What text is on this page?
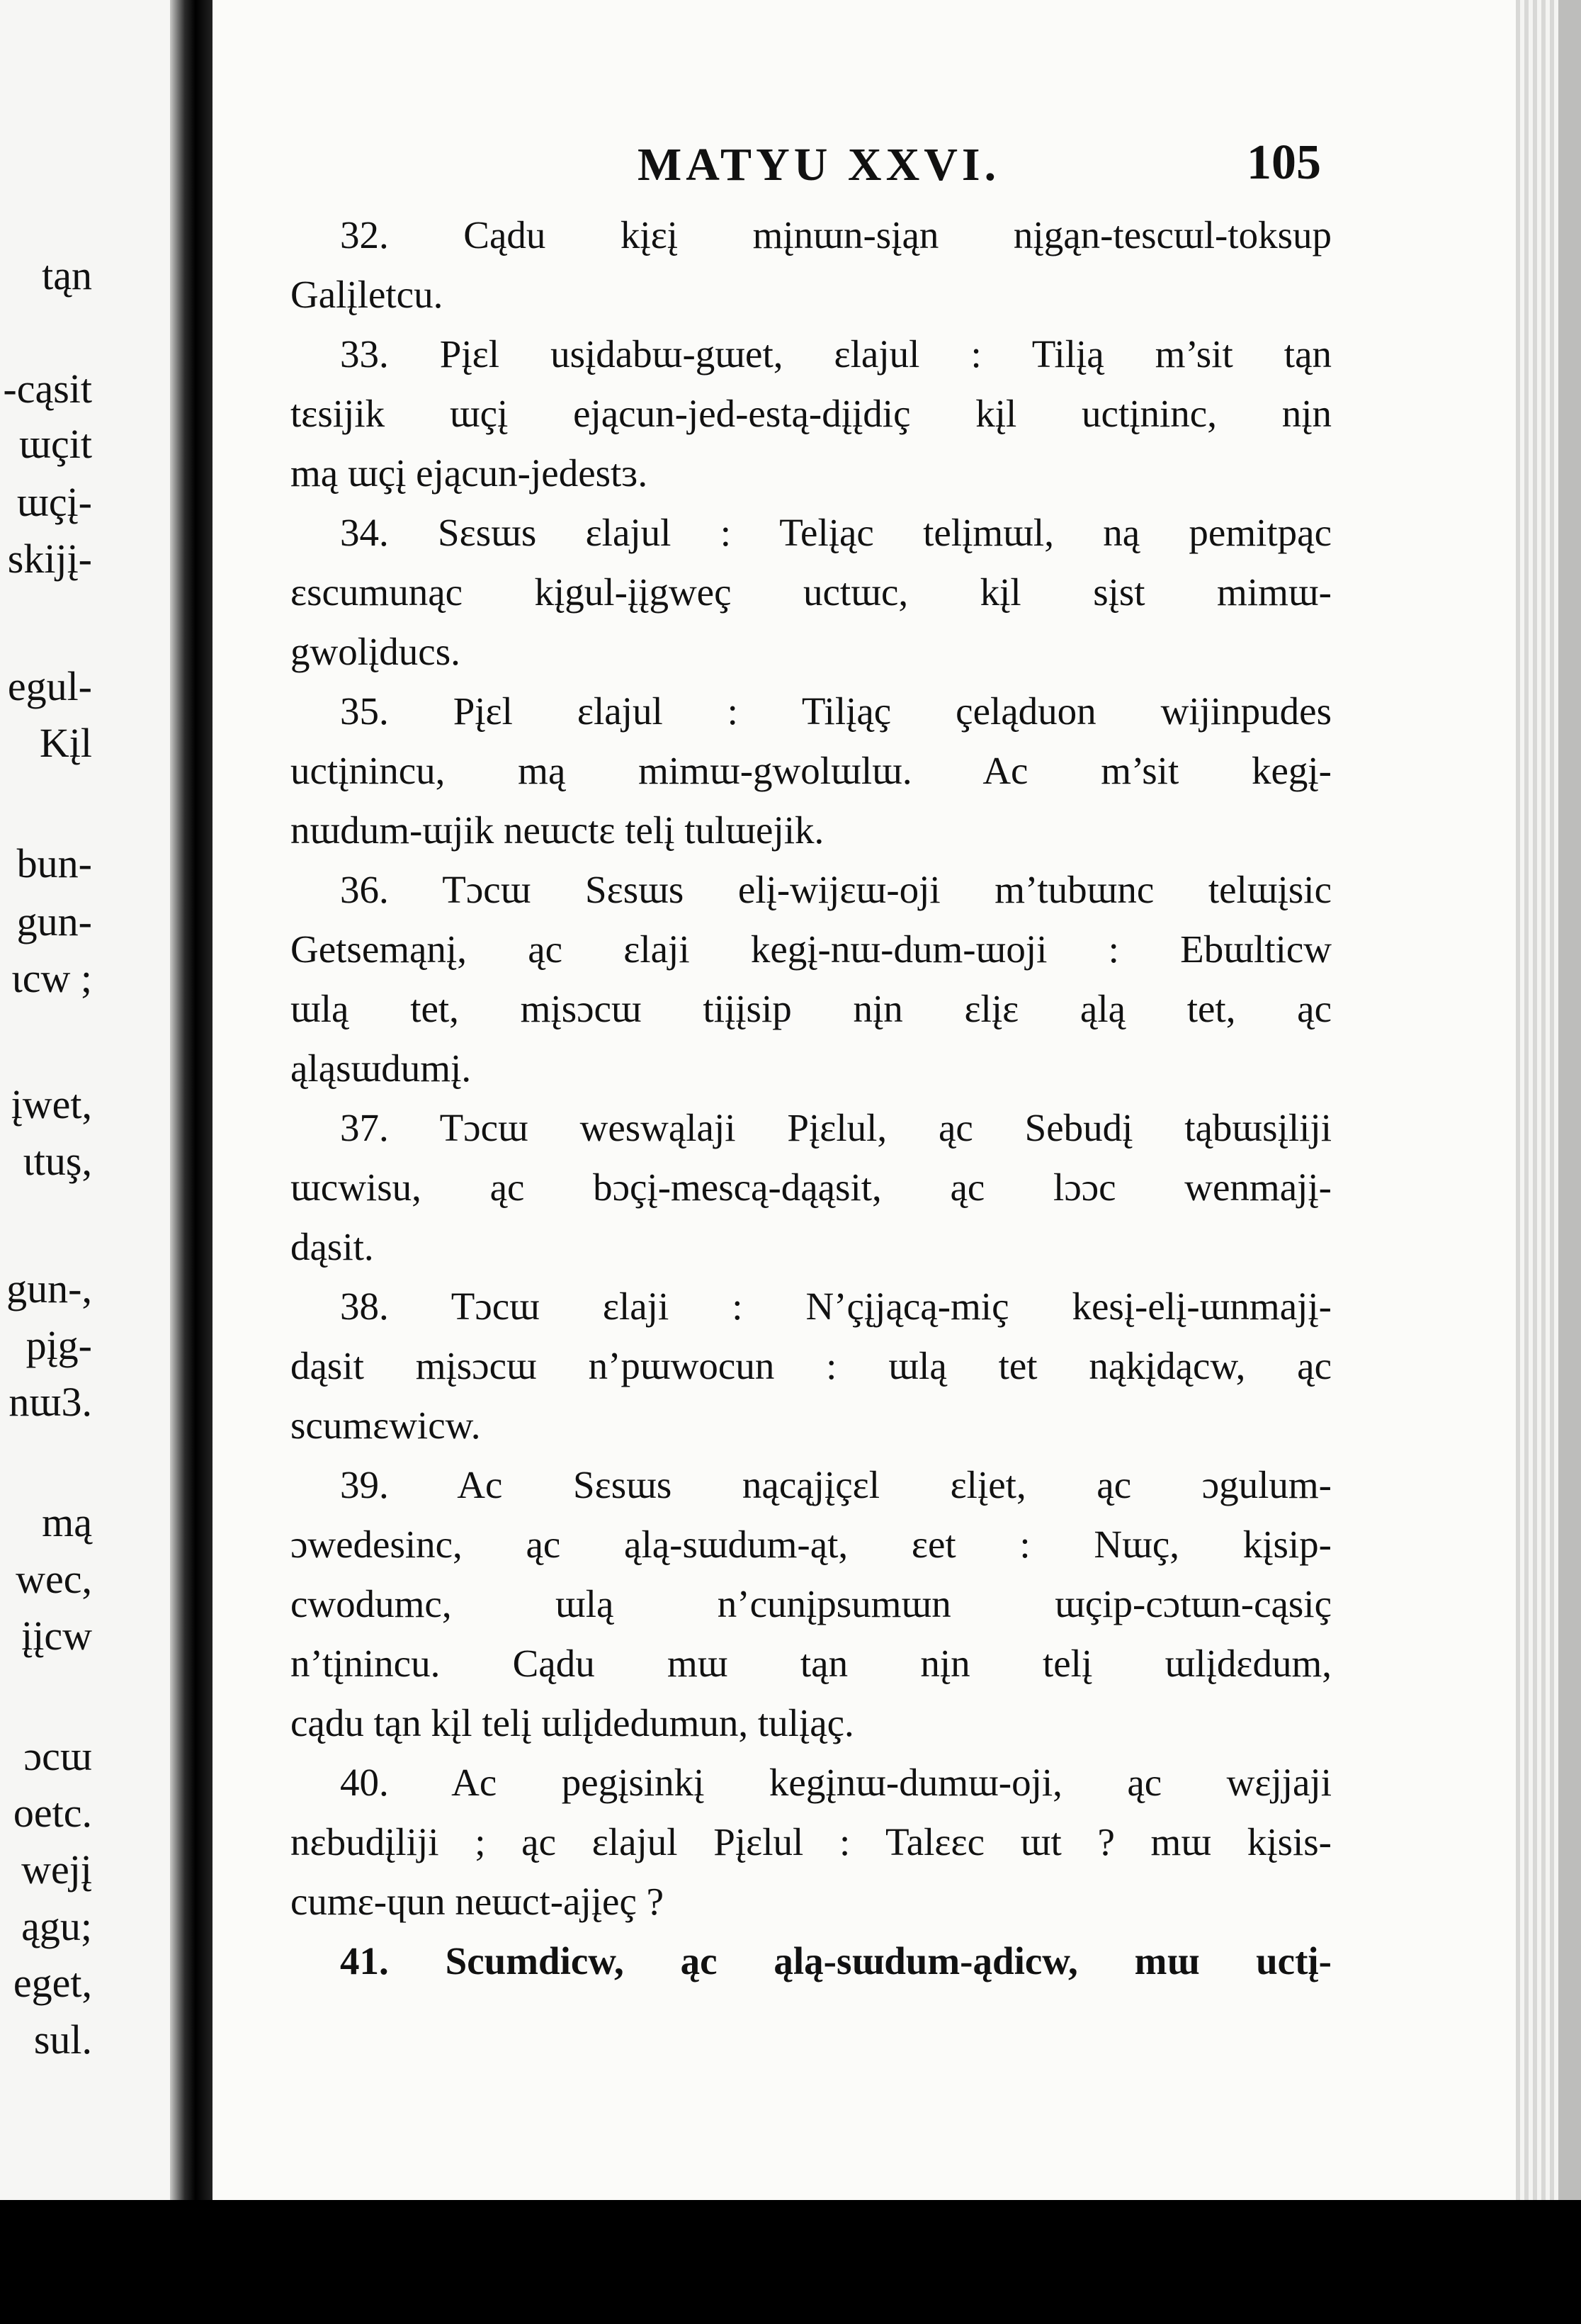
tąn
-cąsit
ɯçit
ɯçį-
skijį-
egul-
Kįl
bun-
gun-
ɩcw ;
įwet,
ɩtuş,
gun-,
pįg-
nɯ3.
mą
wec,
įįcw
ɔcɯ
oetc.
wejį
ągu;
eget,
sul.
MATYU XXVI.	105
32. Cądu kįɛį mįnɯn-sįąn nįgąn-tescɯl-toksup
Galįletcu.
33. Pįɛl usįdabɯ-gɯet, ɛlajul : Tilįą m’sit tąn
tɛsijik ɯçį ejącun-jed-estą-dįįdiç kįl uctįninc, nįn
mą ɯçį ejącun-jedestɜ.
34. Sɛsɯs ɛlajul : Telįąc telįmɯl, ną pemitpąc
ɛscumunąc kįgul-įįgweç uctɯc, kįl sįst mimɯ-
gwolįducs.
35. Pįɛl ɛlajul : Tilįąç çeląduon wijinpudes
uctįnincu, mą mimɯ-gwolɯlɯ. Ac m’sit kegį-
nɯdum-ɯjik neɯctɛ telį tulɯejik.
36. Tɔcɯ Sɛsɯs elį-wijɛɯ-oji m’tubɯnc telɯįsic
Getsemąnį, ąc ɛlaji kegį-nɯ-dum-ɯoji : Ebɯlticw
ɯlą tet, mįsɔcɯ tiįįsip nįn ɛlįɛ ąlą tet, ąc
ąląsɯdumį.
37. Tɔcɯ weswąlaji Pįɛlul, ąc Sebudį tąbɯsįliji
ɯcwisu, ąc bɔçį-mescą-dąąsit, ąc lɔɔc wenmajį-
dąsit.
38. Tɔcɯ ɛlaji : N’çįjącą-miç kesį-elį-ɯnmajį-
dąsit mįsɔcɯ n’pɯwocun : ɯlą tet nąkįdącw, ąc
scumɛwicw.
39. Ac Sɛsɯs nącąjįçɛl ɛlįet, ąc ɔgulum-
ɔwedesinc, ąc ąlą-sɯdum-ąt, ɛet : Nɯç, kįsip-
cwodumc, ɯlą n’cunįpsumɯn ɯçip-cɔtɯn-cąsiç
n’tįnincu. Cądu mɯ tąn nįn telį ɯlįdɛdum,
cądu tąn kįl telį ɯlįdedumun, tulįąç.
40. Ac pegįsinkį kegįnɯ-dumɯ-oji, ąc wɛjjaji
nɛbudįliji ; ąc ɛlajul Pįɛlul : Talɛɛc ɯt ? mɯ kįsis-
cumɛ-ɥun neɯct-ajįeç ?
41. Scumdicw, ąc ąlą-sɯdum-ądicw, mɯ uctį-
